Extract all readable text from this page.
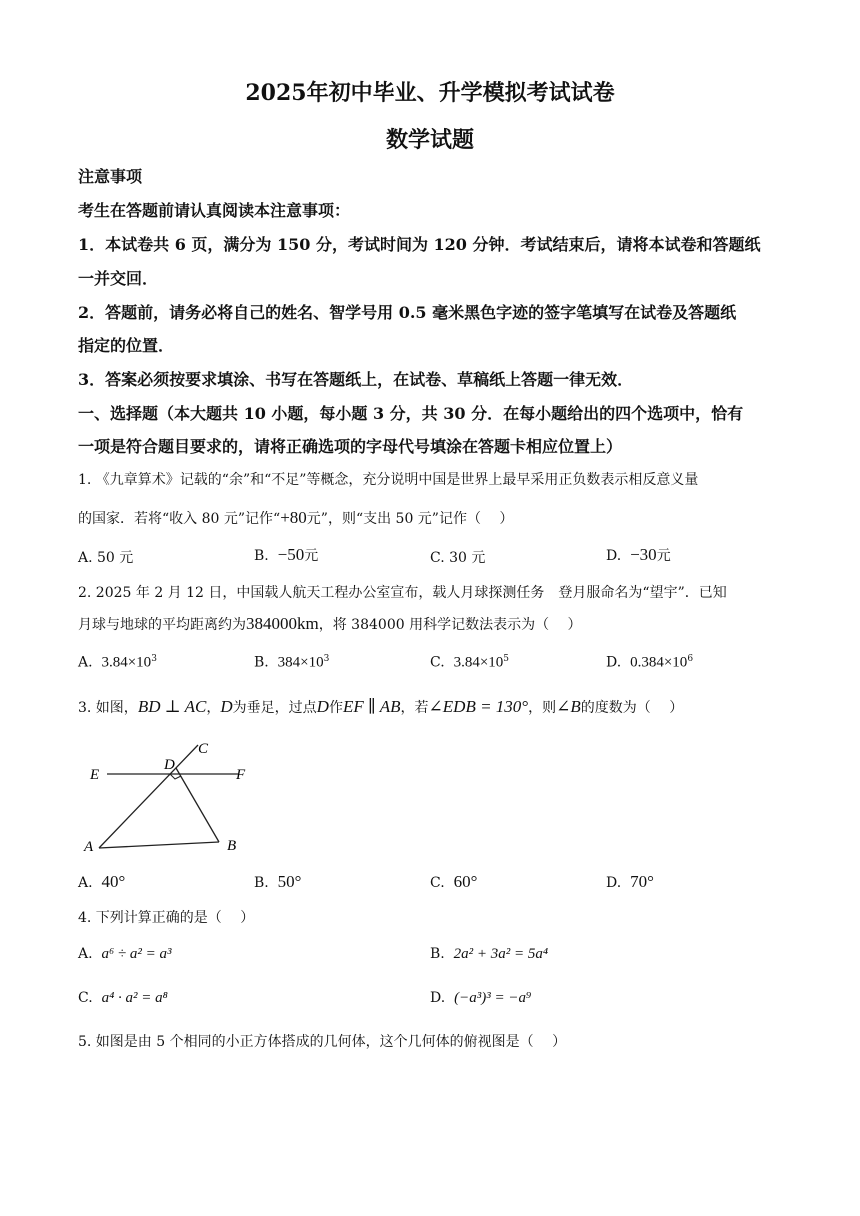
2025年初中毕业、升学模拟考试试卷
数学试题
注意事项
考生在答题前请认真阅读本注意事项：
1．本试卷共 6 页，满分为 150 分，考试时间为 120 分钟．考试结束后，请将本试卷和答题纸
一并交回．
2．答题前，请务必将自己的姓名、智学号用 0.5 毫米黑色字迹的签字笔填写在试卷及答题纸
指定的位置．
3．答案必须按要求填涂、书写在答题纸上，在试卷、草稿纸上答题一律无效．
一、选择题（本大题共 10 小题，每小题 3 分，共 30 分．在每小题给出的四个选项中，恰有
一项是符合题目要求的，请将正确选项的字母代号填涂在答题卡相应位置上）
1. 《九章算术》记载的“余”和“不足”等概念，充分说明中国是世界上最早采用正负数表示相反意义量
的国家．若将“收入 80 元”记作“+80元”，则“支出 50 元”记作（　 ）
A. 50 元	B. −50元	C. 30 元	D. −30元
2. 2025 年 2 月 12 日，中国载人航天工程办公室宣布，载人月球探测任务　登月服命名为“望宇”．已知
月球与地球的平均距离约为384000km，将 384000 用科学记数法表示为（　 ）
A. $3.84\times 10^3$	B. $384\times 10^3$	C. $3.84\times 10^5$	D. $0.384\times 10^6$
3. 如图，BD ⊥ AC，D为垂足，过点D作EF ∥ AB，若∠EDB = 130°，则∠B的度数为（　 ）
E
D
C
F
A	B
A. 40°	B. 50°	C. 60°	D. 70°
4. 下列计算正确的是（　 ）
A. a⁶ ÷ a² = a³	B. 2a² + 3a² = 5a⁴
C. a⁴ · a² = a⁸	D. (−a³)³ = −a⁹
5. 如图是由 5 个相同的小正方体搭成的几何体，这个几何体的俯视图是（　 ）
